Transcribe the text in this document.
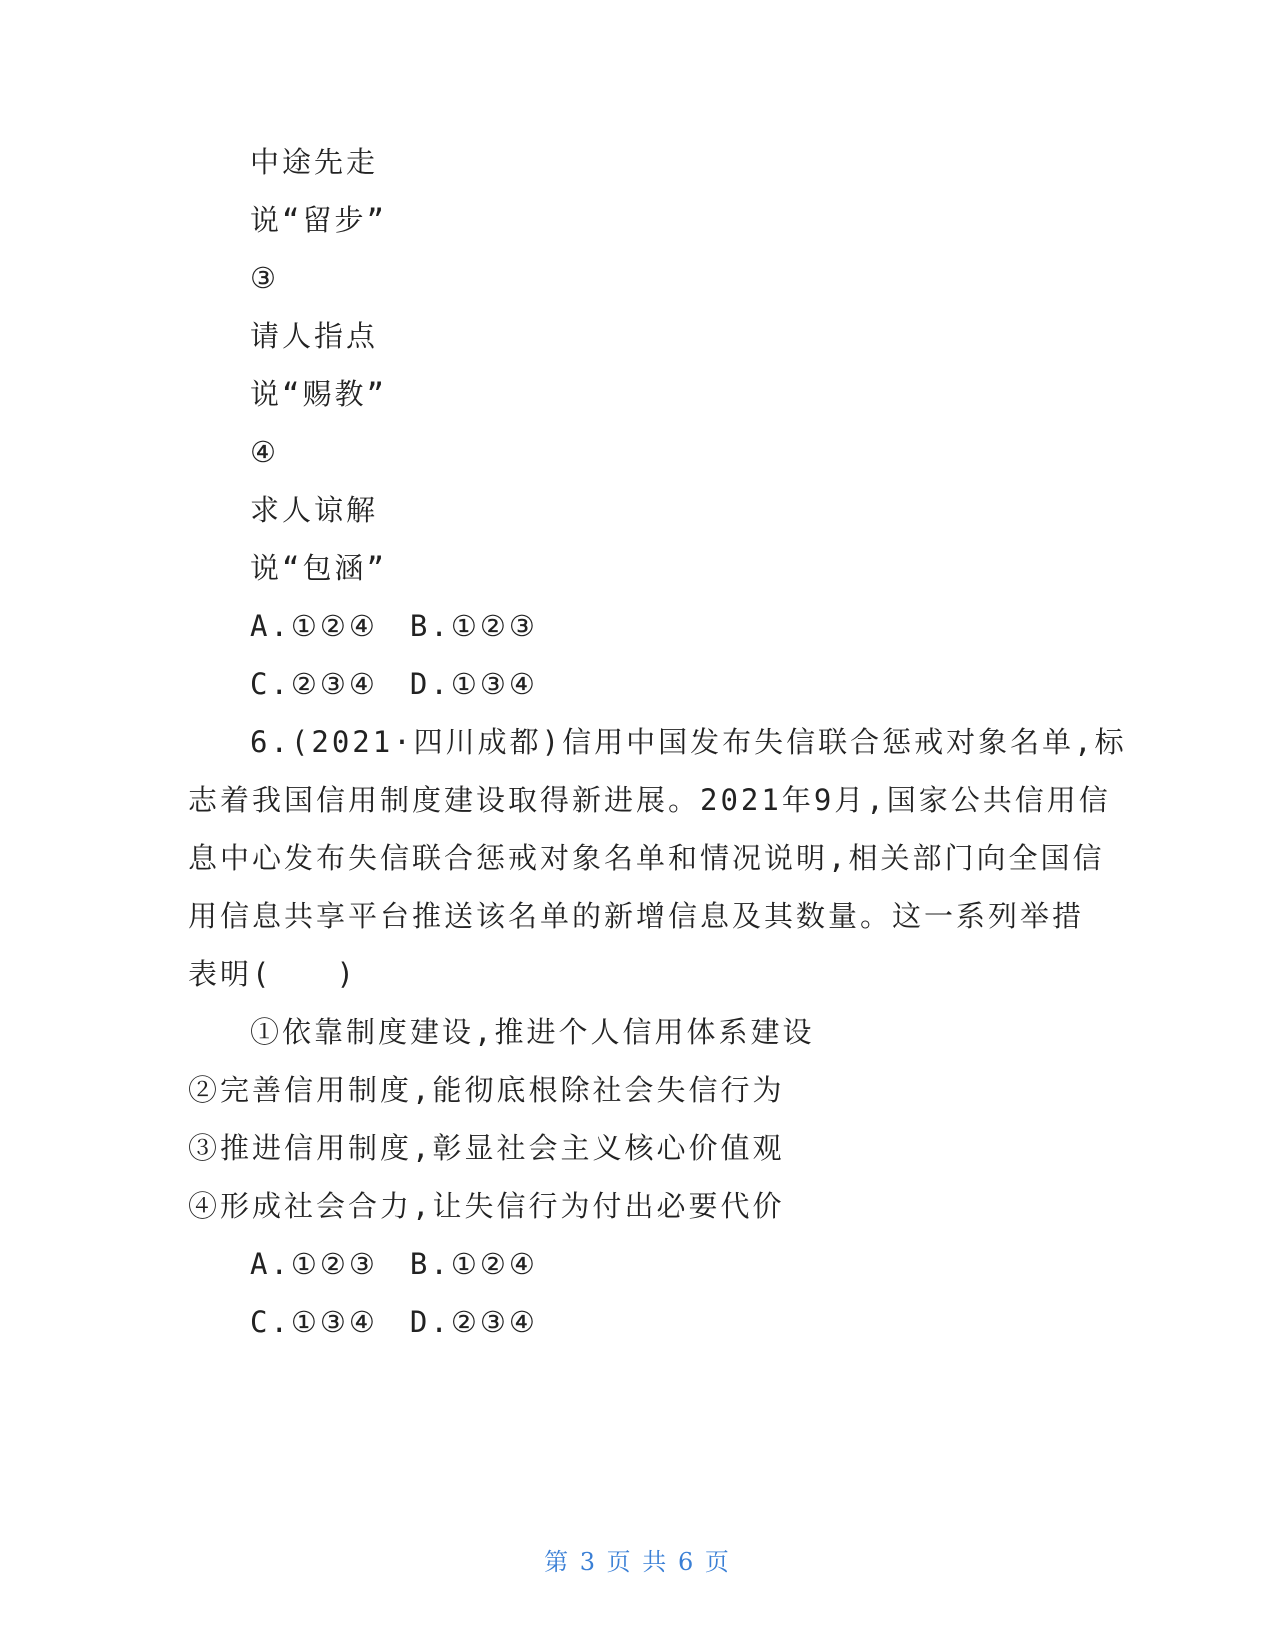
中途先走
说“留步”
③
请人指点
说“赐教”
④
求人谅解
说“包涵”
A.①②④　B.①②③
C.②③④　D.①③④
6.(2021·四川成都)信用中国发布失信联合惩戒对象名单,标
志着我国信用制度建设取得新进展。2021年9月,国家公共信用信
息中心发布失信联合惩戒对象名单和情况说明,相关部门向全国信
用信息共享平台推送该名单的新增信息及其数量。这一系列举措
表明(　　)
①依靠制度建设,推进个人信用体系建设
②完善信用制度,能彻底根除社会失信行为
③推进信用制度,彰显社会主义核心价值观
④形成社会合力,让失信行为付出必要代价
A.①②③　B.①②④
C.①③④　D.②③④
第 3 页 共 6 页
